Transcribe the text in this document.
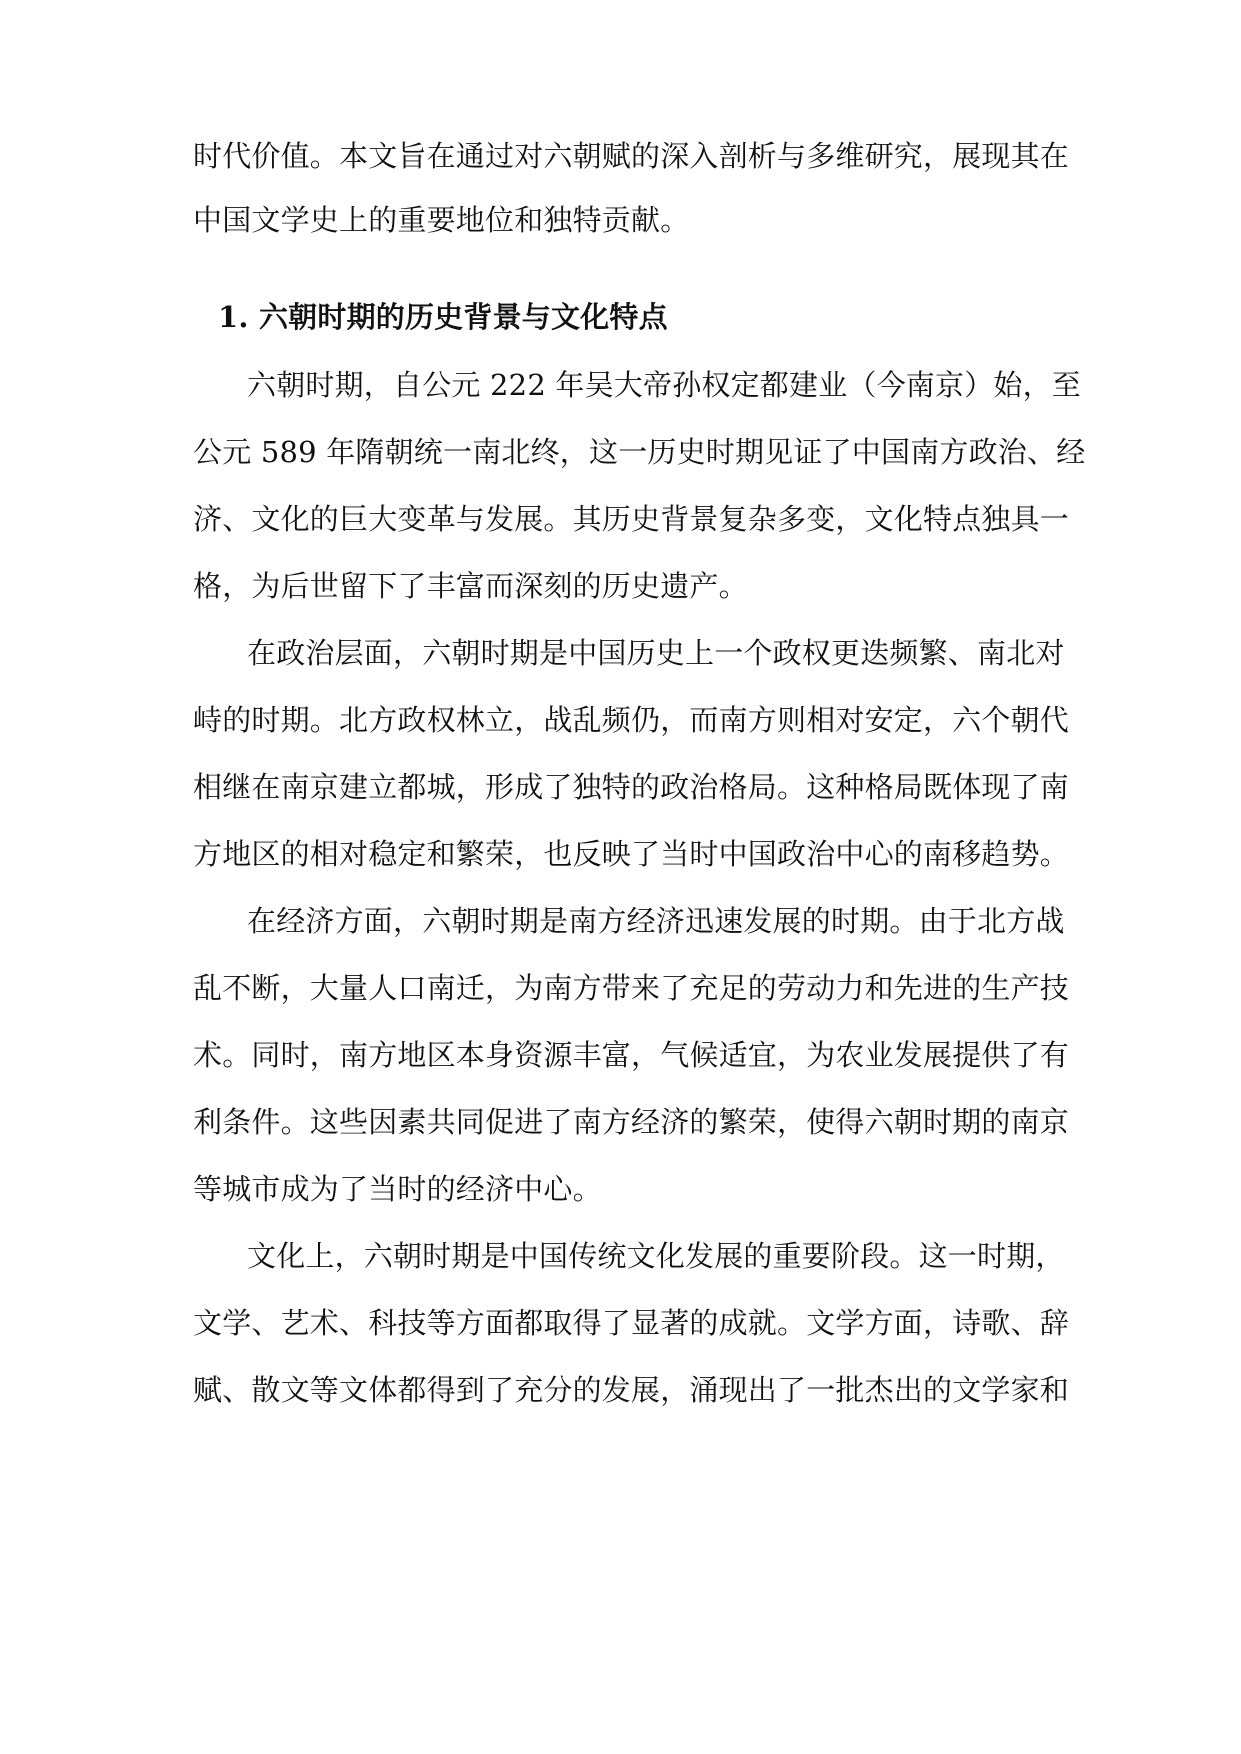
时代价值。本文旨在通过对六朝赋的深入剖析与多维研究，展现其在
中国文学史上的重要地位和独特贡献。
1. 六朝时期的历史背景与文化特点
六朝时期，自公元 222 年吴大帝孙权定都建业（今南京）始，至
公元 589 年隋朝统一南北终，这一历史时期见证了中国南方政治、经
济、文化的巨大变革与发展。其历史背景复杂多变，文化特点独具一
格，为后世留下了丰富而深刻的历史遗产。
在政治层面，六朝时期是中国历史上一个政权更迭频繁、南北对
峙的时期。北方政权林立，战乱频仍，而南方则相对安定，六个朝代
相继在南京建立都城，形成了独特的政治格局。这种格局既体现了南
方地区的相对稳定和繁荣，也反映了当时中国政治中心的南移趋势。
在经济方面，六朝时期是南方经济迅速发展的时期。由于北方战
乱不断，大量人口南迁，为南方带来了充足的劳动力和先进的生产技
术。同时，南方地区本身资源丰富，气候适宜，为农业发展提供了有
利条件。这些因素共同促进了南方经济的繁荣，使得六朝时期的南京
等城市成为了当时的经济中心。
文化上，六朝时期是中国传统文化发展的重要阶段。这一时期，
文学、艺术、科技等方面都取得了显著的成就。文学方面，诗歌、辞
赋、散文等文体都得到了充分的发展，涌现出了一批杰出的文学家和
